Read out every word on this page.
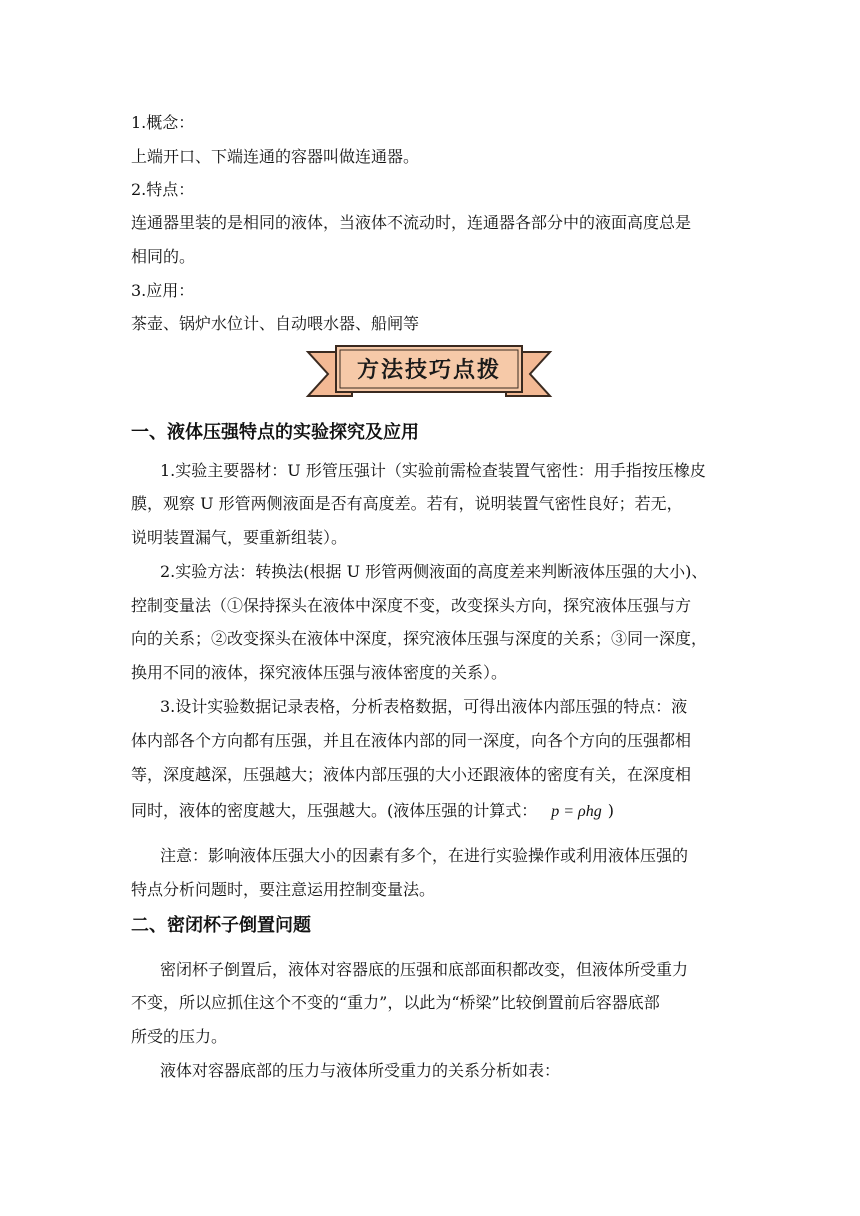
1.概念：
上端开口、下端连通的容器叫做连通器。
2.特点：
连通器里装的是相同的液体，当液体不流动时，连通器各部分中的液面高度总是
相同的。
3.应用：
茶壶、锅炉水位计、自动喂水器、船闸等
方法技巧点拨
一、液体压强特点的实验探究及应用
1.实验主要器材：U 形管压强计（实验前需检查装置气密性：用手指按压橡皮
膜，观察 U 形管两侧液面是否有高度差。若有，说明装置气密性良好；若无，
说明装置漏气，要重新组装）。
2.实验方法：转换法(根据 U 形管两侧液面的高度差来判断液体压强的大小)、
控制变量法（①保持探头在液体中深度不变，改变探头方向，探究液体压强与方
向的关系；②改变探头在液体中深度，探究液体压强与深度的关系；③同一深度，
换用不同的液体，探究液体压强与液体密度的关系）。
3.设计实验数据记录表格，分析表格数据，可得出液体内部压强的特点：液
体内部各个方向都有压强，并且在液体内部的同一深度，向各个方向的压强都相
等，深度越深，压强越大；液体内部压强的大小还跟液体的密度有关，在深度相
同时，液体的密度越大，压强越大。(液体压强的计算式： p = ρhg )
注意：影响液体压强大小的因素有多个，在进行实验操作或利用液体压强的
特点分析问题时，要注意运用控制变量法。
二、密闭杯子倒置问题
密闭杯子倒置后，液体对容器底的压强和底部面积都改变，但液体所受重力
不变，所以应抓住这个不变的“重力”，以此为“桥梁”比较倒置前后容器底部
所受的压力。
液体对容器底部的压力与液体所受重力的关系分析如表：
